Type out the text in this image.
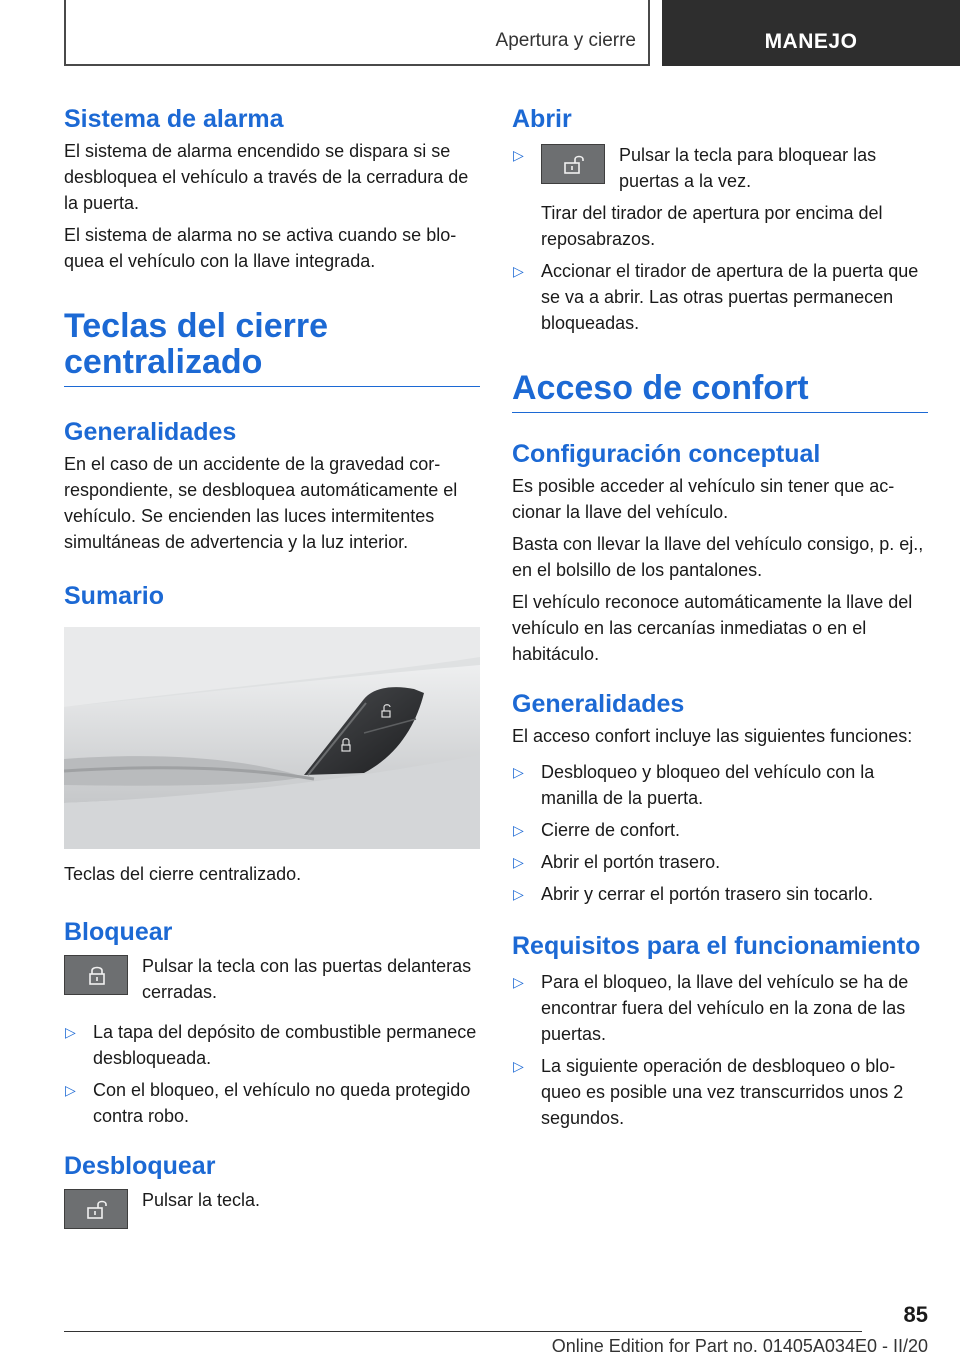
Apertura y cierre	MANEJO
Sistema de alarma
El sistema de alarma encendido se dispara si se desbloquea el vehículo a través de la cerradura de la puerta.
El sistema de alarma no se activa cuando se bloquea el vehículo con la llave integrada.
Teclas del cierre centralizado
Generalidades
En el caso de un accidente de la gravedad correspondiente, se desbloquea automáticamente el vehículo. Se encienden las luces intermitentes simultáneas de advertencia y la luz interior.
Sumario
Teclas del cierre centralizado.
Bloquear
Pulsar la tecla con las puertas delanteras cerradas.
▷ La tapa del depósito de combustible permanece desbloqueada.
▷ Con el bloqueo, el vehículo no queda protegido contra robo.
Desbloquear
Pulsar la tecla.
Abrir
▷	Pulsar la tecla para bloquear las puertas a la vez.
Tirar del tirador de apertura por encima del reposabrazos.
▷ Accionar el tirador de apertura de la puerta que se va a abrir. Las otras puertas permanecen bloqueadas.
Acceso de confort
Configuración conceptual
Es posible acceder al vehículo sin tener que accionar la llave del vehículo.
Basta con llevar la llave del vehículo consigo, p. ej., en el bolsillo de los pantalones.
El vehículo reconoce automáticamente la llave del vehículo en las cercanías inmediatas o en el habitáculo.
Generalidades
El acceso confort incluye las siguientes funciones:
▷ Desbloqueo y bloqueo del vehículo con la manilla de la puerta.
▷ Cierre de confort.
▷ Abrir el portón trasero.
▷ Abrir y cerrar el portón trasero sin tocarlo.
Requisitos para el funcionamiento
▷ Para el bloqueo, la llave del vehículo se ha de encontrar fuera del vehículo en la zona de las puertas.
▷ La siguiente operación de desbloqueo o bloqueo es posible una vez transcurridos unos 2 segundos.
85
Online Edition for Part no. 01405A034E0 - II/20
